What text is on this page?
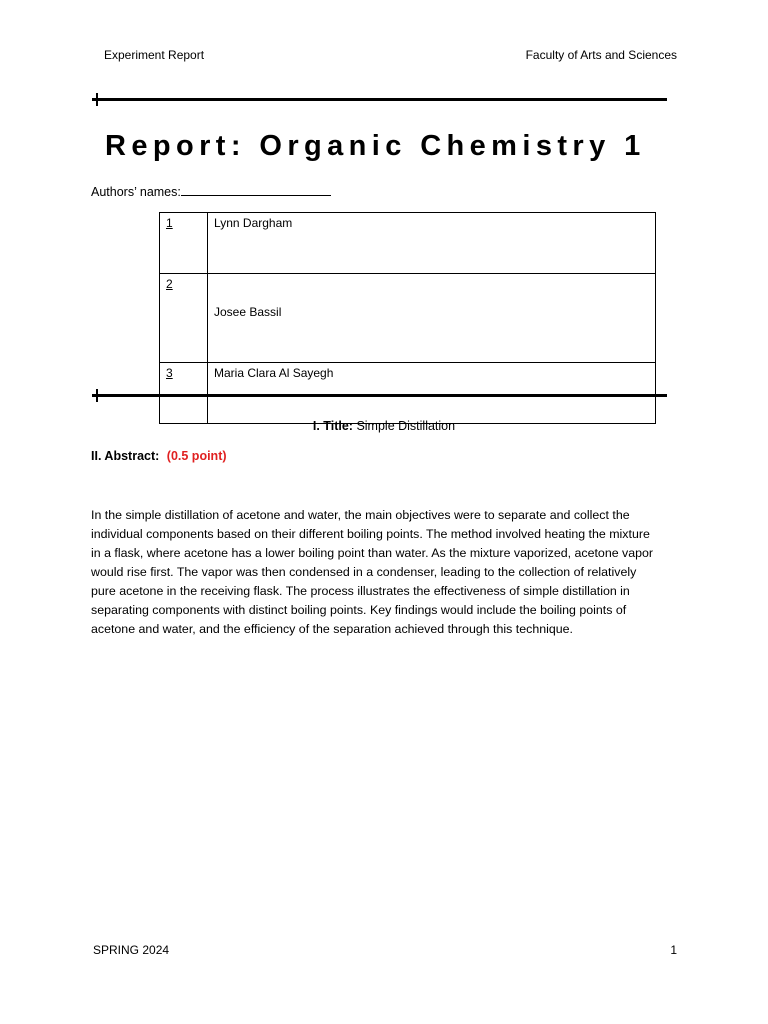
Experiment Report	Faculty of Arts and Sciences
Report: Organic Chemistry 1
Authors’ names:
1	Lynn Dargham
2	Josee Bassil
3	Maria Clara Al Sayegh
I. Title: Simple Distillation
II. Abstract: (0.5 point)
In the simple distillation of acetone and water, the main objectives were to separate and collect the
individual components based on their different boiling points. The method involved heating the mixture
in a flask, where acetone has a lower boiling point than water. As the mixture vaporized, acetone vapor
would rise first. The vapor was then condensed in a condenser, leading to the collection of relatively
pure acetone in the receiving flask. The process illustrates the effectiveness of simple distillation in
separating components with distinct boiling points. Key findings would include the boiling points of
acetone and water, and the efficiency of the separation achieved through this technique.
SPRING 2024	1
